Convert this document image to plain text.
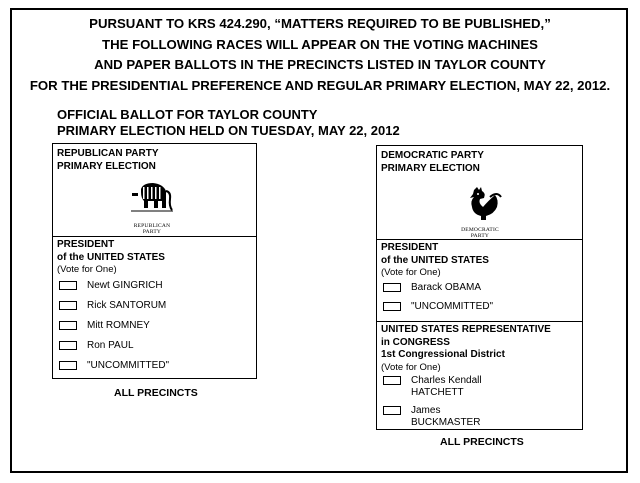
PURSUANT TO KRS 424.290, “MATTERS REQUIRED TO BE PUBLISHED,”
THE FOLLOWING RACES WILL APPEAR ON THE VOTING MACHINES
AND PAPER BALLOTS IN THE PRECINCTS LISTED IN TAYLOR COUNTY
FOR THE PRESIDENTIAL PREFERENCE AND REGULAR PRIMARY ELECTION, MAY 22, 2012.
OFFICIAL BALLOT FOR TAYLOR COUNTY
PRIMARY ELECTION HELD ON TUESDAY, MAY 22, 2012
REPUBLICAN PARTY
PRIMARY ELECTION
REPUBLICAN
PARTY
PRESIDENT
of the UNITED STATES
(Vote for One)
Newt GINGRICH
Rick SANTORUM
Mitt ROMNEY
Ron PAUL
"UNCOMMITTED"
ALL PRECINCTS
DEMOCRATIC PARTY
PRIMARY ELECTION
DEMOCRATIC
PARTY
PRESIDENT
of the UNITED STATES
(Vote for One)
Barack OBAMA
"UNCOMMITTED"
UNITED STATES REPRESENTATIVE
in CONGRESS
1st Congressional District
(Vote for One)
Charles Kendall
HATCHETT
James
BUCKMASTER
ALL PRECINCTS
